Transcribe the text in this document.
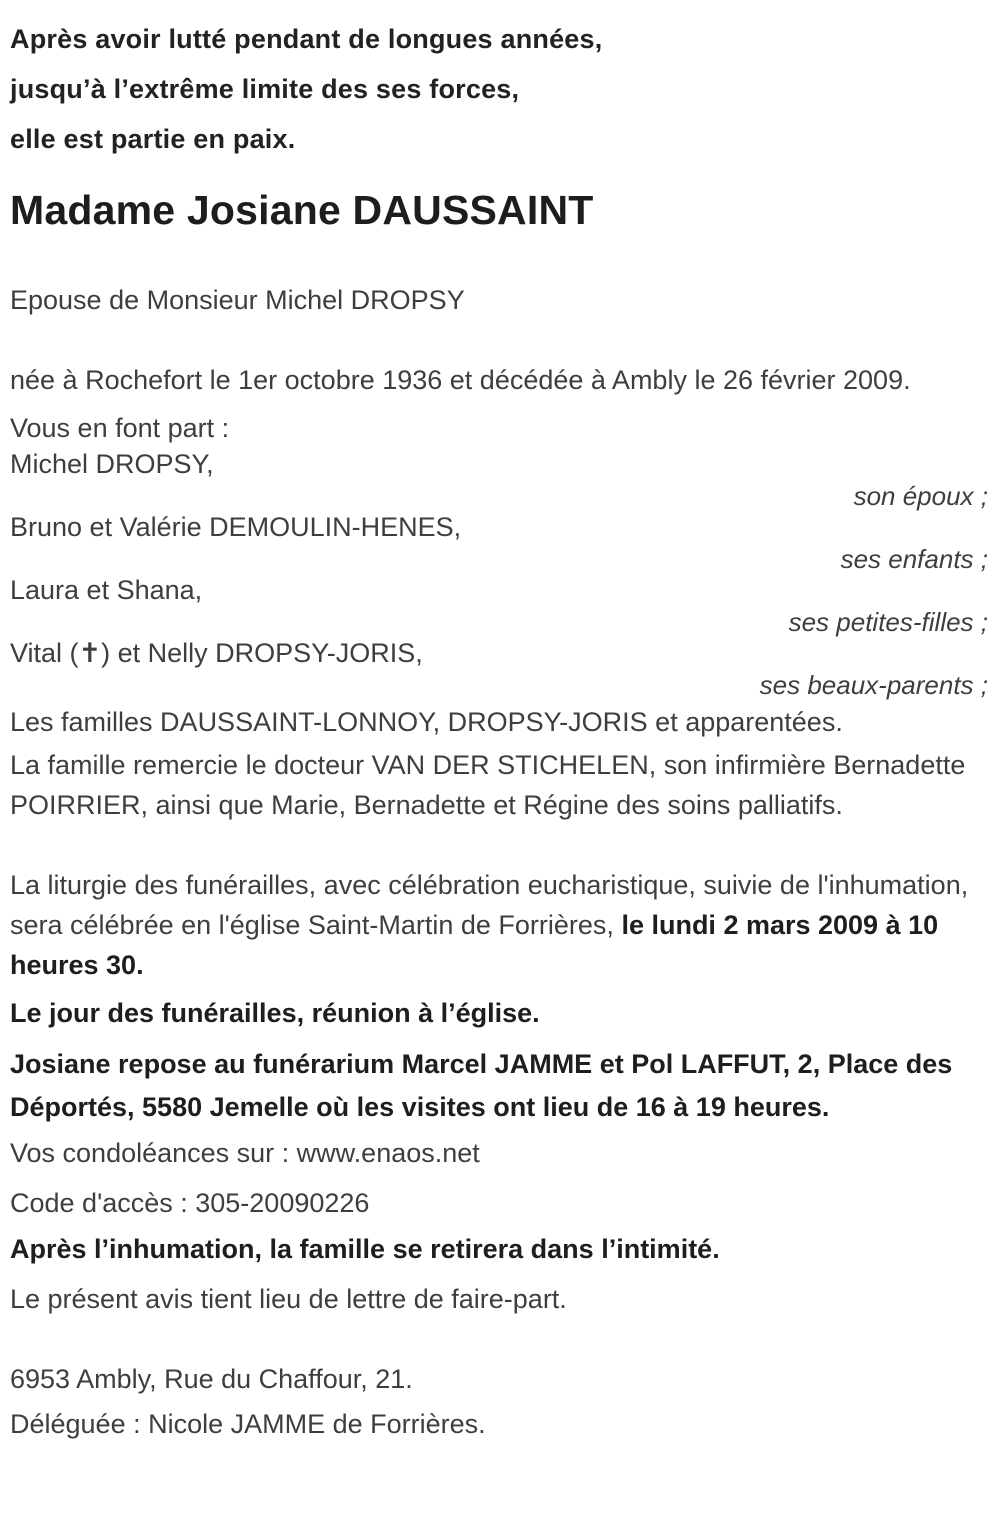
Après avoir lutté pendant de longues années,

jusqu’à l’extrême limite des ses forces,

elle est partie en paix.

Madame Josiane DAUSSAINT

Epouse de Monsieur Michel DROPSY

née à Rochefort le 1er octobre 1936 et décédée à Ambly le 26 février 2009.

Vous en font part :

Michel DROPSY,
son époux ;
Bruno et Valérie DEMOULIN-HENES,
ses enfants ;
Laura et Shana,
ses petites-filles ;
Vital (✝) et Nelly DROPSY-JORIS,
ses beaux-parents ;

Les familles DAUSSAINT-LONNOY, DROPSY-JORIS et apparentées.

La famille remercie le docteur VAN DER STICHELEN, son infirmière Bernadette POIRRIER, ainsi que Marie, Bernadette et Régine des soins palliatifs.

La liturgie des funérailles, avec célébration eucharistique, suivie de l'inhumation, sera célébrée en l'église Saint-Martin de Forrières, le lundi 2 mars 2009 à 10 heures 30.

Le jour des funérailles, réunion à l’église.

Josiane repose au funérarium Marcel JAMME et Pol LAFFUT, 2, Place des Déportés, 5580 Jemelle où les visites ont lieu de 16 à 19 heures.

Vos condoléances sur : www.enaos.net

Code d'accès : 305-20090226

Après l’inhumation, la famille se retirera dans l’intimité.

Le présent avis tient lieu de lettre de faire-part.

6953 Ambly, Rue du Chaffour, 21.

Déléguée : Nicole JAMME de Forrières.
